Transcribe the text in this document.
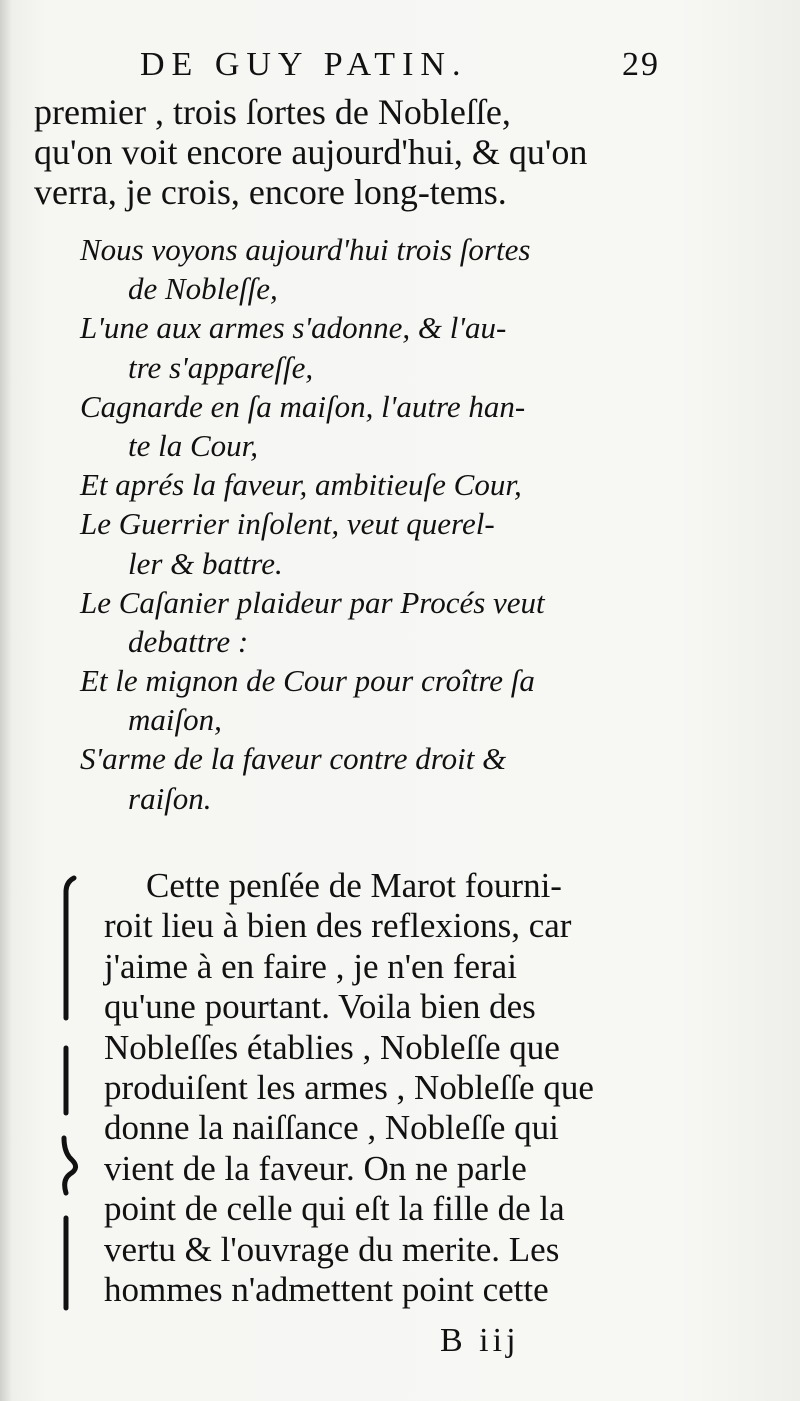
DE GUY PATIN.	29
premier , trois ſortes de Nobleſſe,
qu'on voit encore aujourd'hui, & qu'on
verra, je crois, encore long-tems.
Nous voyons aujourd'hui trois ſortes
de Nobleſſe,
L'une aux armes s'adonne, & l'au-
tre s'appareſſe,
Cagnarde en ſa maiſon, l'autre han-
te la Cour,
Et aprés la faveur, ambitieuſe Cour,
Le Guerrier inſolent, veut querel-
ler & battre.
Le Caſanier plaideur par Procés veut
debattre :
Et le mignon de Cour pour croître ſa
maiſon,
S'arme de la faveur contre droit &
raiſon.
Cette penſée de Marot fourni-
roit lieu à bien des reflexions, car
j'aime à en faire , je n'en ferai
qu'une pourtant. Voila bien des
Nobleſſes établies , Nobleſſe que
produiſent les armes , Nobleſſe que
donne la naiſſance , Nobleſſe qui
vient de la faveur. On ne parle
point de celle qui eſt la fille de la
vertu & l'ouvrage du merite. Les
hommes n'admettent point cette
B iij
